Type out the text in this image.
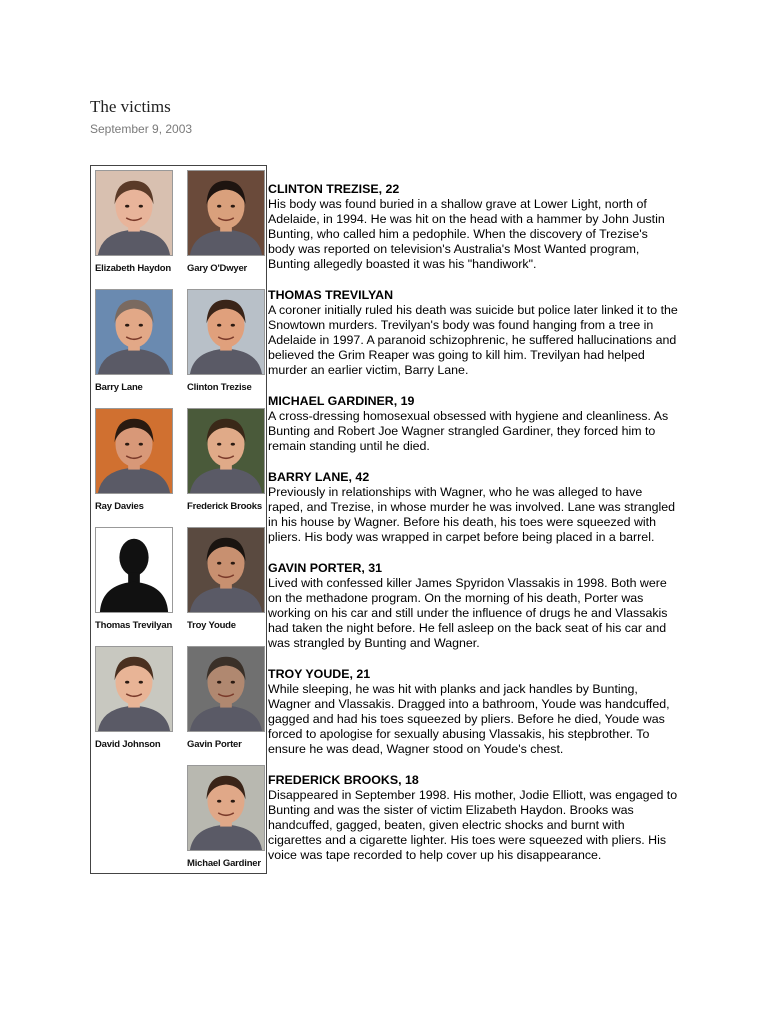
The victims
September 9, 2003
Elizabeth Haydon	Gary O'Dwyer
Barry Lane	Clinton Trezise
Ray Davies	Frederick Brooks
Thomas Trevilyan	Troy Youde
David Johnson	Gavin Porter
Michael Gardiner
CLINTON TREZISE, 22

His body was found buried in a shallow grave at Lower Light, north of Adelaide, in 1994. He was hit on the head with a hammer by John Justin Bunting, who called him a pedophile. When the discovery of Trezise's body was reported on television's Australia's Most Wanted program, Bunting allegedly boasted it was his "handiwork".

THOMAS TREVILYAN

A coroner initially ruled his death was suicide but police later linked it to the Snowtown murders. Trevilyan's body was found hanging from a tree in Adelaide in 1997. A paranoid schizophrenic, he suffered hallucinations and believed the Grim Reaper was going to kill him. Trevilyan had helped murder an earlier victim, Barry Lane.

MICHAEL GARDINER, 19

A cross-dressing homosexual obsessed with hygiene and cleanliness. As Bunting and Robert Joe Wagner strangled Gardiner, they forced him to remain standing until he died.

BARRY LANE, 42

Previously in relationships with Wagner, who he was alleged to have raped, and Trezise, in whose murder he was involved. Lane was strangled in his house by Wagner. Before his death, his toes were squeezed with pliers. His body was wrapped in carpet before being placed in a barrel.

GAVIN PORTER, 31

Lived with confessed killer James Spyridon Vlassakis in 1998. Both were on the methadone program. On the morning of his death, Porter was working on his car and still under the influence of drugs he and Vlassakis had taken the night before. He fell asleep on the back seat of his car and was strangled by Bunting and Wagner.

TROY YOUDE, 21

While sleeping, he was hit with planks and jack handles by Bunting, Wagner and Vlassakis. Dragged into a bathroom, Youde was handcuffed, gagged and had his toes squeezed by pliers. Before he died, Youde was forced to apologise for sexually abusing Vlassakis, his stepbrother. To ensure he was dead, Wagner stood on Youde's chest.

FREDERICK BROOKS, 18

Disappeared in September 1998. His mother, Jodie Elliott, was engaged to Bunting and was the sister of victim Elizabeth Haydon. Brooks was handcuffed, gagged, beaten, given electric shocks and burnt with cigarettes and a cigarette lighter. His toes were squeezed with pliers. His voice was tape recorded to help cover up his disappearance.
